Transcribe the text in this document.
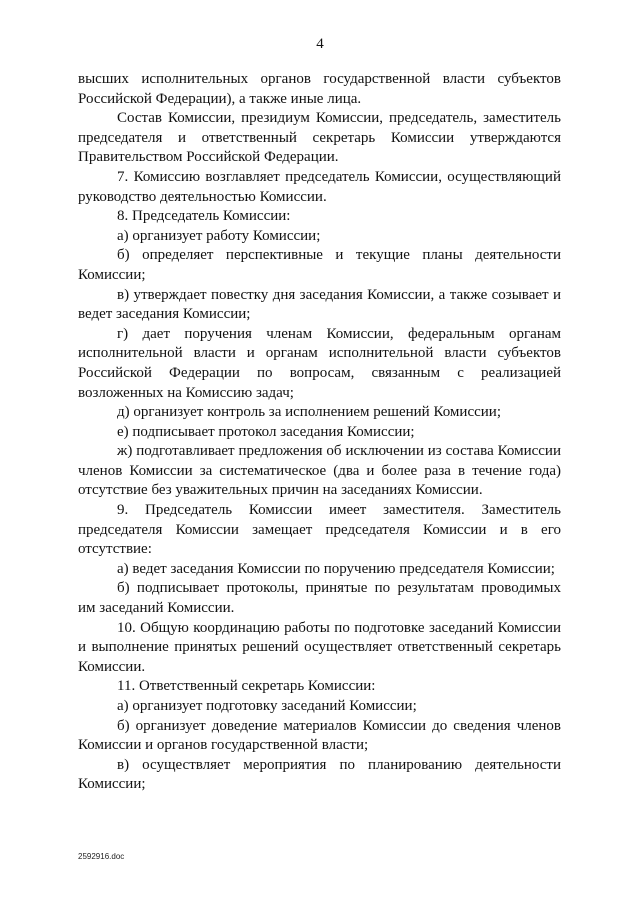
4

высших исполнительных органов государственной власти субъектов Российской Федерации), а также иные лица.

Состав Комиссии, президиум Комиссии, председатель, заместитель председателя и ответственный секретарь Комиссии утверждаются Правительством Российской Федерации.

7. Комиссию возглавляет председатель Комиссии, осуществляющий руководство деятельностью Комиссии.

8. Председатель Комиссии:

а) организует работу Комиссии;

б) определяет перспективные и текущие планы деятельности Комиссии;

в) утверждает повестку дня заседания Комиссии, а также созывает и ведет заседания Комиссии;

г) дает поручения членам Комиссии, федеральным органам исполнительной власти и органам исполнительной власти субъектов Российской Федерации по вопросам, связанным с реализацией возложенных на Комиссию задач;

д) организует контроль за исполнением решений Комиссии;

е) подписывает протокол заседания Комиссии;

ж) подготавливает предложения об исключении из состава Комиссии членов Комиссии за систематическое (два и более раза в течение года) отсутствие без уважительных причин на заседаниях Комиссии.

9. Председатель Комиссии имеет заместителя. Заместитель председателя Комиссии замещает председателя Комиссии и в его отсутствие:

а) ведет заседания Комиссии по поручению председателя Комиссии;

б) подписывает протоколы, принятые по результатам проводимых им заседаний Комиссии.

10. Общую координацию работы по подготовке заседаний Комиссии и выполнение принятых решений осуществляет ответственный секретарь Комиссии.

11. Ответственный секретарь Комиссии:

а) организует подготовку заседаний Комиссии;

б) организует доведение материалов Комиссии до сведения членов Комиссии и органов государственной власти;

в) осуществляет мероприятия по планированию деятельности Комиссии;

2592916.doc
